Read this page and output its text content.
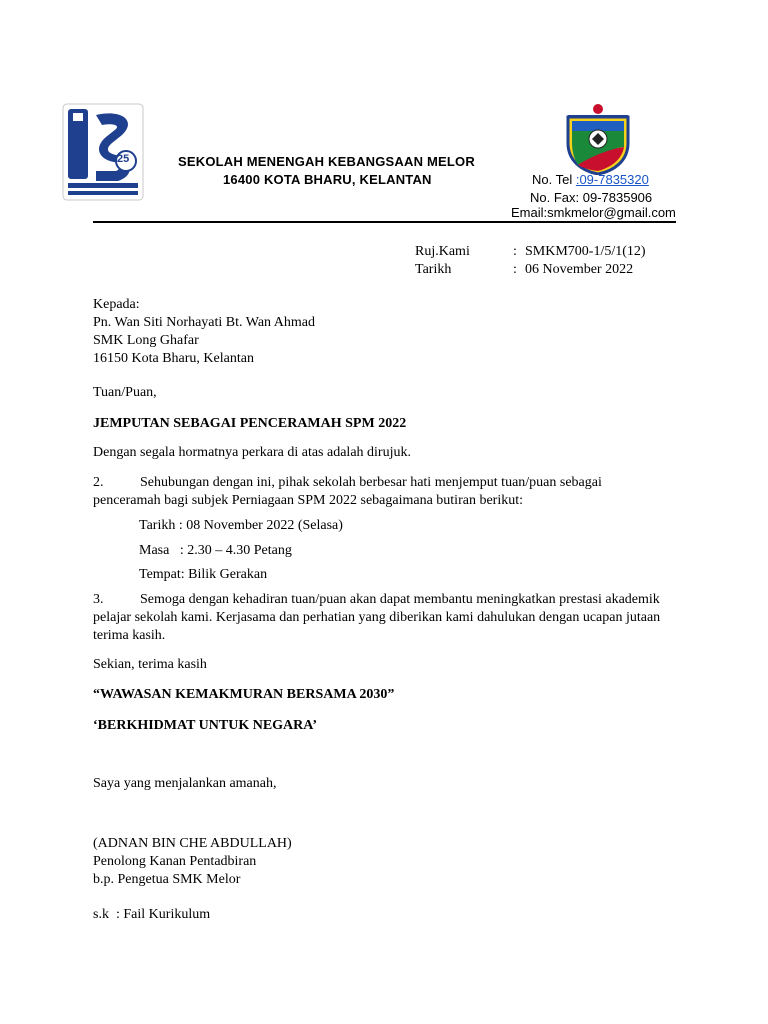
25	SEKOLAH MENENGAH KEBANGSAAN MELOR
16400 KOTA BHARU, KELANTAN	No. Tel :09-7835320
No. Fax: 09-7835906
Email:smkmelor@gmail.com
Ruj.Kami	: SMKM700-1/5/1(12)
Tarikh	: 06 November 2022
Kepada:
Pn. Wan Siti Norhayati Bt. Wan Ahmad
SMK Long Ghafar
16150 Kota Bharu, Kelantan
Tuan/Puan,
JEMPUTAN SEBAGAI PENCERAMAH SPM 2022
Dengan segala hormatnya perkara di atas adalah dirujuk.
2.	Sehubungan dengan ini, pihak sekolah berbesar hati menjemput tuan/puan sebagai
penceramah bagi subjek Perniagaan SPM 2022 sebagaimana butiran berikut:
Tarikh : 08 November 2022 (Selasa)
Masa   : 2.30 – 4.30 Petang
Tempat: Bilik Gerakan
3.	Semoga dengan kehadiran tuan/puan akan dapat membantu meningkatkan prestasi akademik
pelajar sekolah kami. Kerjasama dan perhatian yang diberikan kami dahulukan dengan ucapan jutaan
terima kasih.
Sekian, terima kasih
“WAWASAN KEMAKMURAN BERSAMA 2030”
‘BERKHIDMAT UNTUK NEGARA’
Saya yang menjalankan amanah,
(ADNAN BIN CHE ABDULLAH)
Penolong Kanan Pentadbiran
b.p. Pengetua SMK Melor
s.k : Fail Kurikulum
